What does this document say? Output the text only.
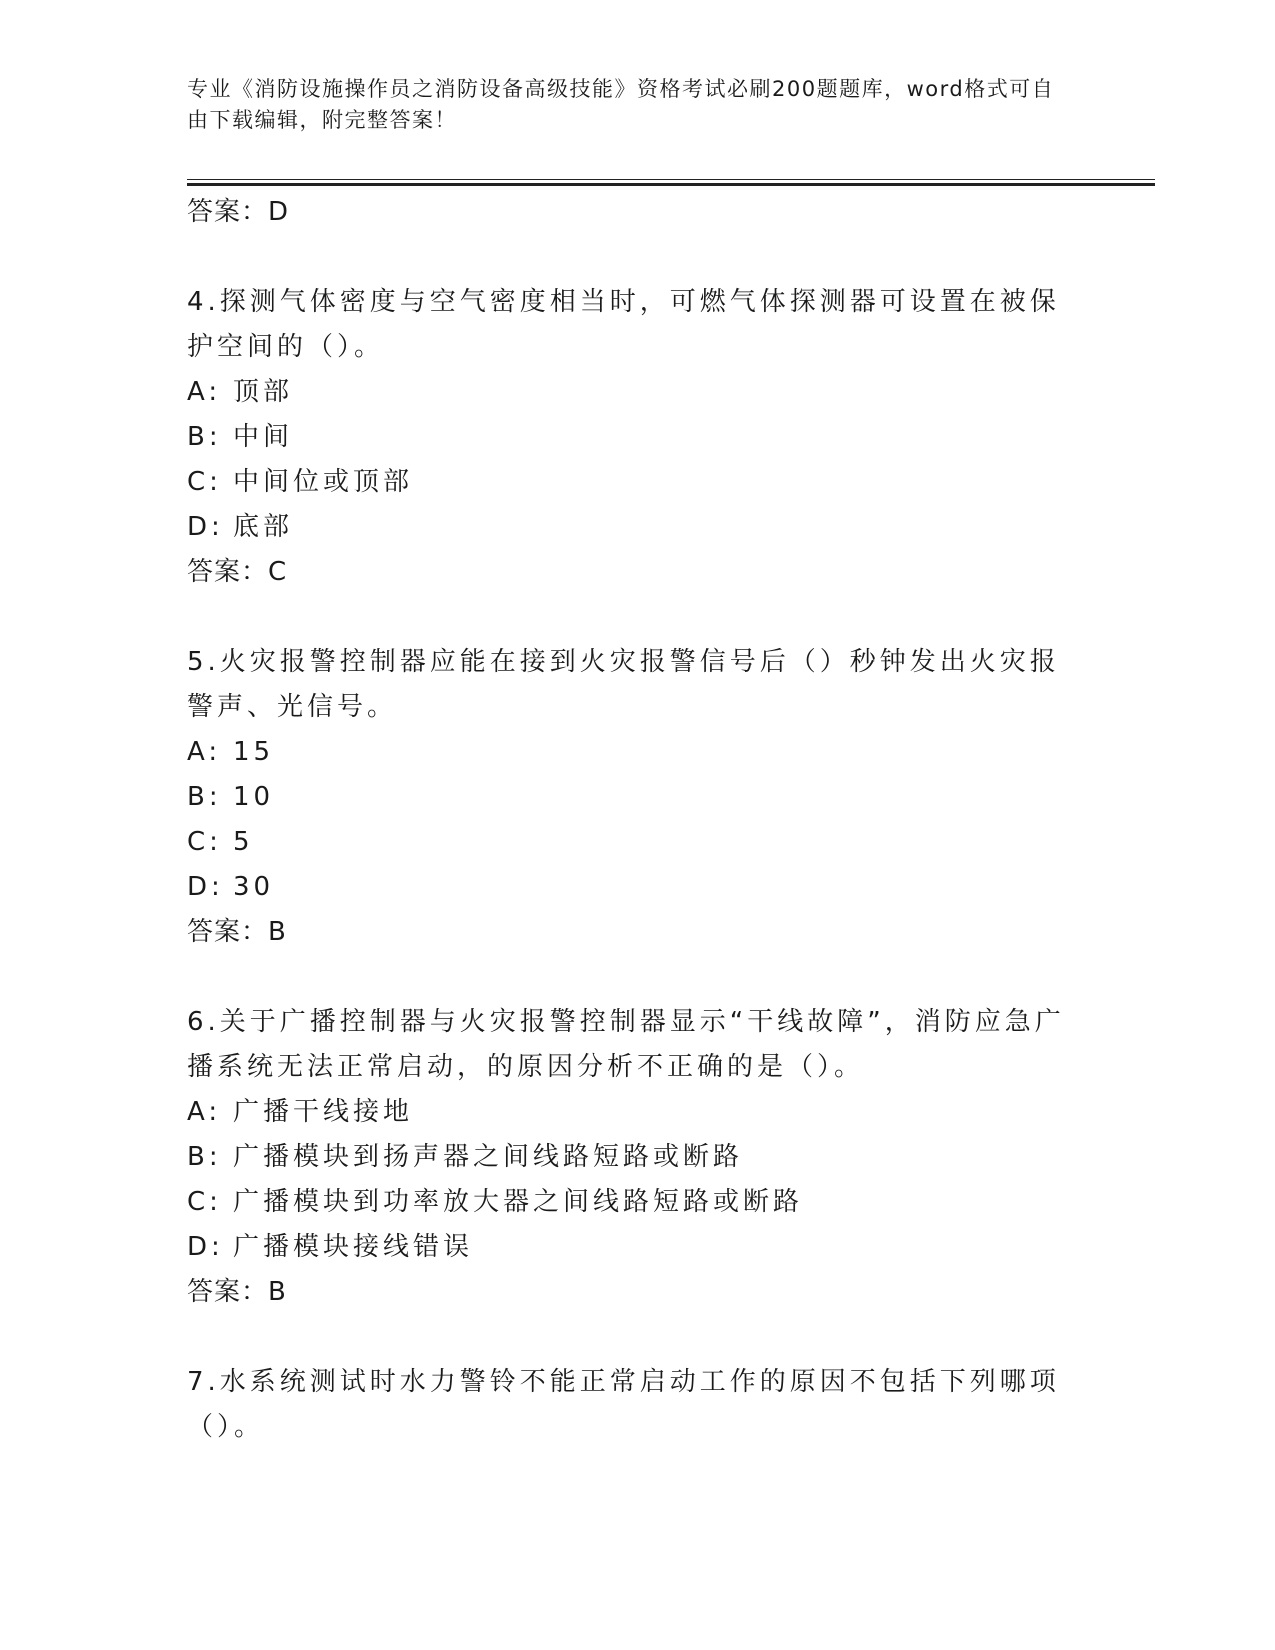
专业《消防设施操作员之消防设备高级技能》资格考试必刷200题题库，word格式可自由下载编辑，附完整答案！
答案：D
4.探测气体密度与空气密度相当时，可燃气体探测器可设置在被保护空间的（）。
A: 顶部
B: 中间
C: 中间位或顶部
D: 底部
答案：C
5.火灾报警控制器应能在接到火灾报警信号后（）秒钟发出火灾报警声、光信号。
A: 15
B: 10
C: 5
D: 30
答案：B
6.关于广播控制器与火灾报警控制器显示“干线故障”，消防应急广播系统无法正常启动，的原因分析不正确的是（）。
A: 广播干线接地
B: 广播模块到扬声器之间线路短路或断路
C: 广播模块到功率放大器之间线路短路或断路
D: 广播模块接线错误
答案：B
7.水系统测试时水力警铃不能正常启动工作的原因不包括下列哪项（）。
